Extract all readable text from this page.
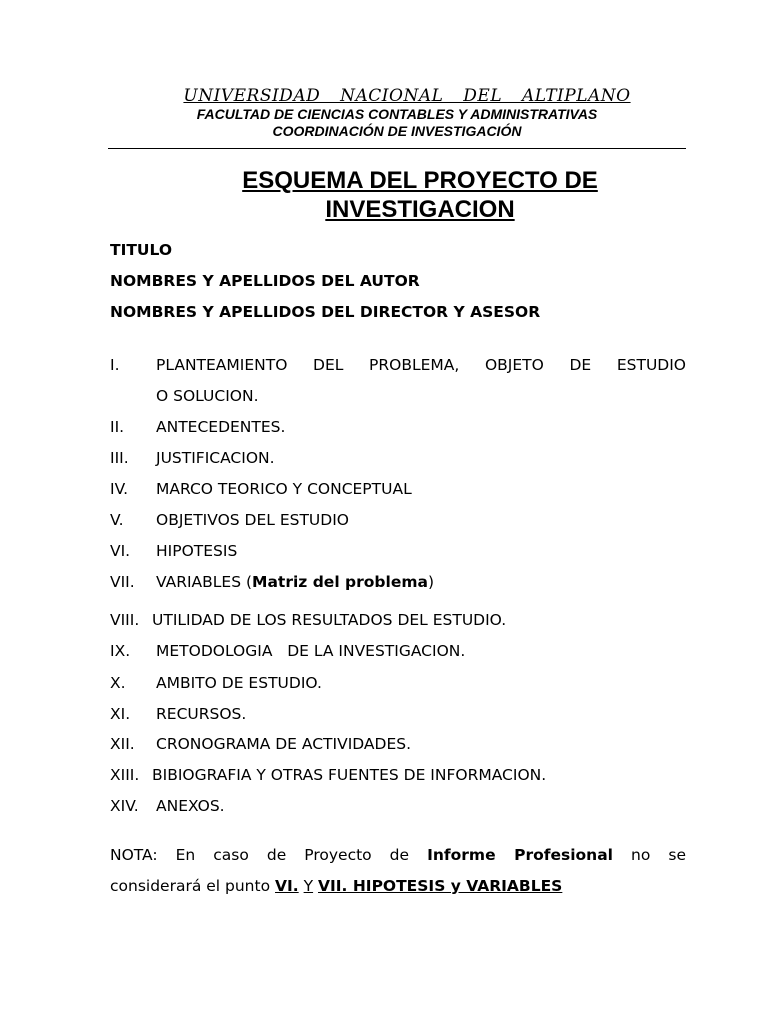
UNIVERSIDAD NACIONAL DEL ALTIPLANO
FACULTAD DE CIENCIAS CONTABLES Y ADMINISTRATIVAS
COORDINACIÓN DE INVESTIGACIÓN
ESQUEMA DEL PROYECTO DE
INVESTIGACION
TITULO
NOMBRES Y APELLIDOS DEL AUTOR
NOMBRES Y APELLIDOS DEL DIRECTOR Y ASESOR
I. PLANTEAMIENTO DEL PROBLEMA, OBJETO DE ESTUDIO
O SOLUCION.
II. ANTECEDENTES.
III. JUSTIFICACION.
IV. MARCO TEORICO Y CONCEPTUAL
V. OBJETIVOS DEL ESTUDIO
VI. HIPOTESIS
VII. VARIABLES (Matriz del problema)
VIII. UTILIDAD DE LOS RESULTADOS DEL ESTUDIO.
IX. METODOLOGIA   DE LA INVESTIGACION.
X. AMBITO DE ESTUDIO.
XI. RECURSOS.
XII. CRONOGRAMA DE ACTIVIDADES.
XIII. BIBIOGRAFIA Y OTRAS FUENTES DE INFORMACION.
XIV. ANEXOS.
NOTA: En caso de Proyecto de Informe Profesional no se
considerará el punto VI. Y VII. HIPOTESIS y VARIABLES
